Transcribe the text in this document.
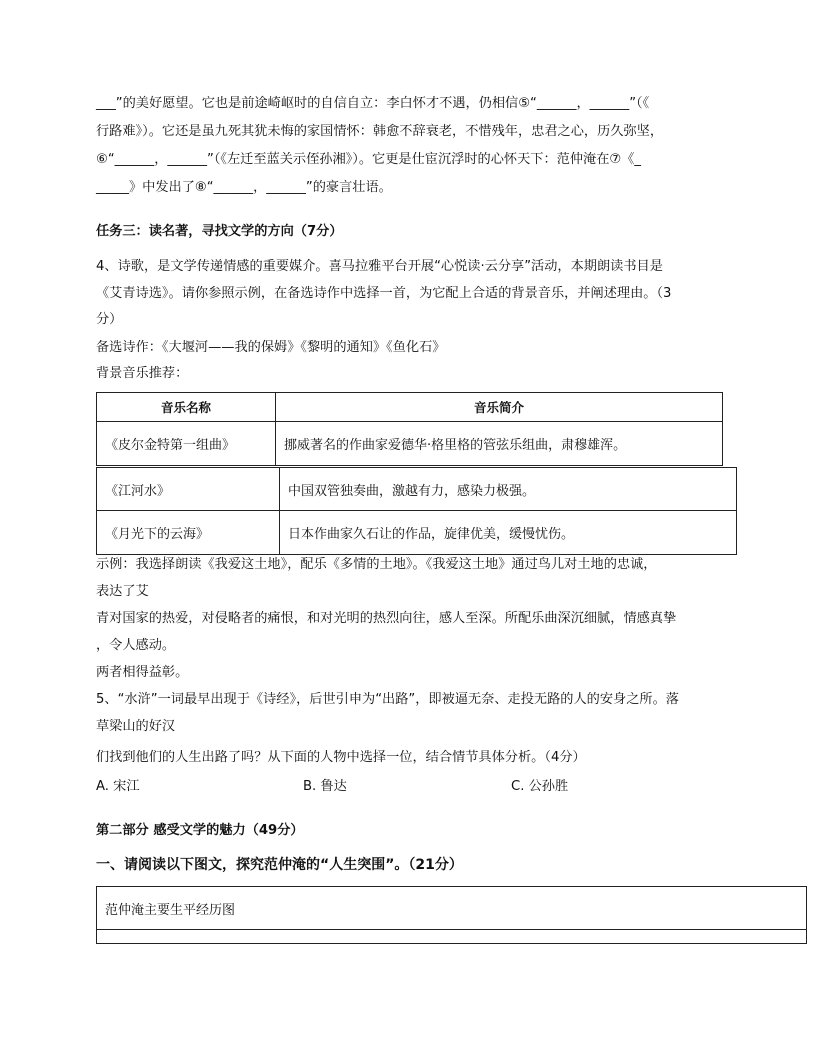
___”的美好愿望。它也是前途崎岖时的自信自立：李白怀才不遇，仍相信⑤“______，______”（《
行路难》）。它还是虽九死其犹未悔的家国情怀：韩愈不辞衰老，不惜残年，忠君之心，历久弥坚，
⑥“______，______”（《左迁至蓝关示侄孙湘》）。它更是仕宦沉浮时的心怀天下：范仲淹在⑦《_
_____》中发出了⑧“______，______”的豪言壮语。
任务三：读名著，寻找文学的方向（7分）
4、诗歌，是文学传递情感的重要媒介。喜马拉雅平台开展“心悦读·云分享”活动，本期朗读书目是
《艾青诗选》。请你参照示例，在备选诗作中选择一首，为它配上合适的背景音乐，并阐述理由。（3
分）
备选诗作：《大堰河——我的保姆》《黎明的通知》《鱼化石》
背景音乐推荐：
音乐名称	音乐简介
《皮尔金特第一组曲》	挪威著名的作曲家爱德华·格里格的管弦乐组曲，肃穆雄浑。
《江河水》	中国双管独奏曲，激越有力，感染力极强。
《月光下的云海》	日本作曲家久石让的作品，旋律优美，缓慢忧伤。
示例：我选择朗读《我爱这土地》，配乐《多情的土地》。《我爱这土地》通过鸟儿对土地的忠诚，
表达了艾
青对国家的热爱，对侵略者的痛恨，和对光明的热烈向往，感人至深。所配乐曲深沉细腻，情感真挚
，令人感动。
两者相得益彰。
5、“水浒”一词最早出现于《诗经》，后世引申为“出路”，即被逼无奈、走投无路的人的安身之所。落
草梁山的好汉
们找到他们的人生出路了吗？从下面的人物中选择一位，结合情节具体分析。（4分）
A. 宋江	B. 鲁达	C. 公孙胜
第二部分 感受文学的魅力（49分）
一、请阅读以下图文，探究范仲淹的“人生突围”。（21分）
范仲淹主要生平经历图
